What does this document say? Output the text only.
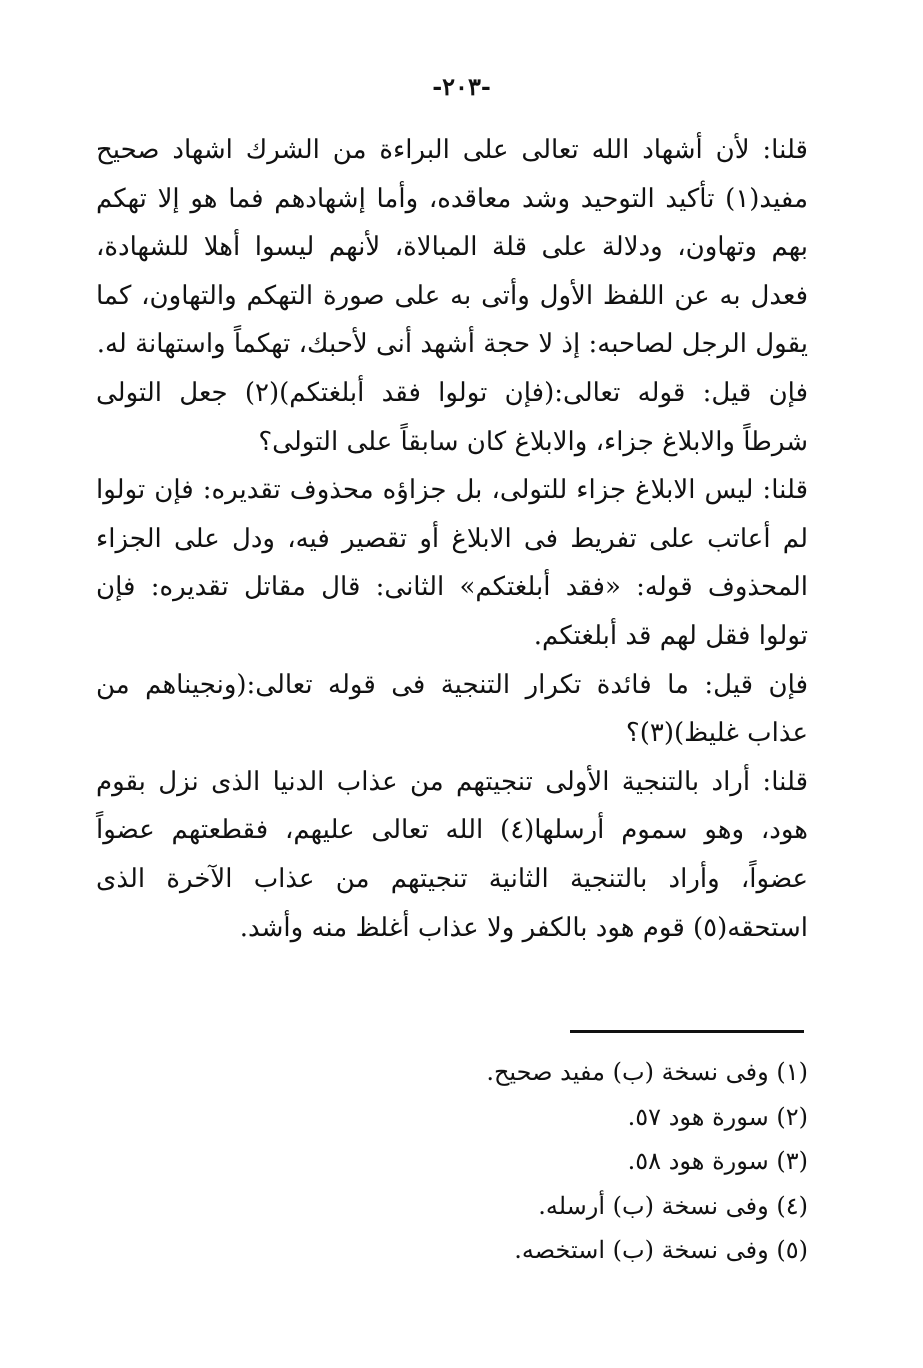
-٢٠٣-

قلنا: لأن أشهاد الله تعالى على البراءة من الشرك اشهاد صحيح مفيد(١) تأكيد التوحيد وشد معاقده، وأما إشهادهم فما هو إلا تهكم بهم وتهاون، ودلالة على قلة المبالاة، لأنهم ليسوا أهلا للشهادة، فعدل به عن اللفظ الأول وأتى به على صورة التهكم والتهاون، كما يقول الرجل لصاحبه: إذ لا حجة أشهد أنى لأحبك، تهكماً واستهانة له.

فإن قيل: قوله تعالى:(فإن تولوا فقد أبلغتكم)(٢) جعل التولى شرطاً والابلاغ جزاء، والابلاغ كان سابقاً على التولى؟

قلنا: ليس الابلاغ جزاء للتولى، بل جزاؤه محذوف تقديره: فإن تولوا لم أعاتب على تفريط فى الابلاغ أو تقصير فيه، ودل على الجزاء المحذوف قوله: «فقد أبلغتكم» الثانى: قال مقاتل تقديره: فإن تولوا فقل لهم قد أبلغتكم.

فإن قيل: ما فائدة تكرار التنجية فى قوله تعالى:(ونجيناهم من عذاب غليظ)(٣)؟

قلنا: أراد بالتنجية الأولى تنجيتهم من عذاب الدنيا الذى نزل بقوم هود، وهو سموم أرسلها(٤) الله تعالى عليهم، فقطعتهم عضواً عضواً، وأراد بالتنجية الثانية تنجيتهم من عذاب الآخرة الذى استحقه(٥) قوم هود بالكفر ولا عذاب أغلظ منه وأشد.

(١) وفى نسخة (ب) مفيد صحيح.
(٢) سورة هود ٥٧.
(٣) سورة هود ٥٨.
(٤) وفى نسخة (ب) أرسله.
(٥) وفى نسخة (ب) استخصه.
